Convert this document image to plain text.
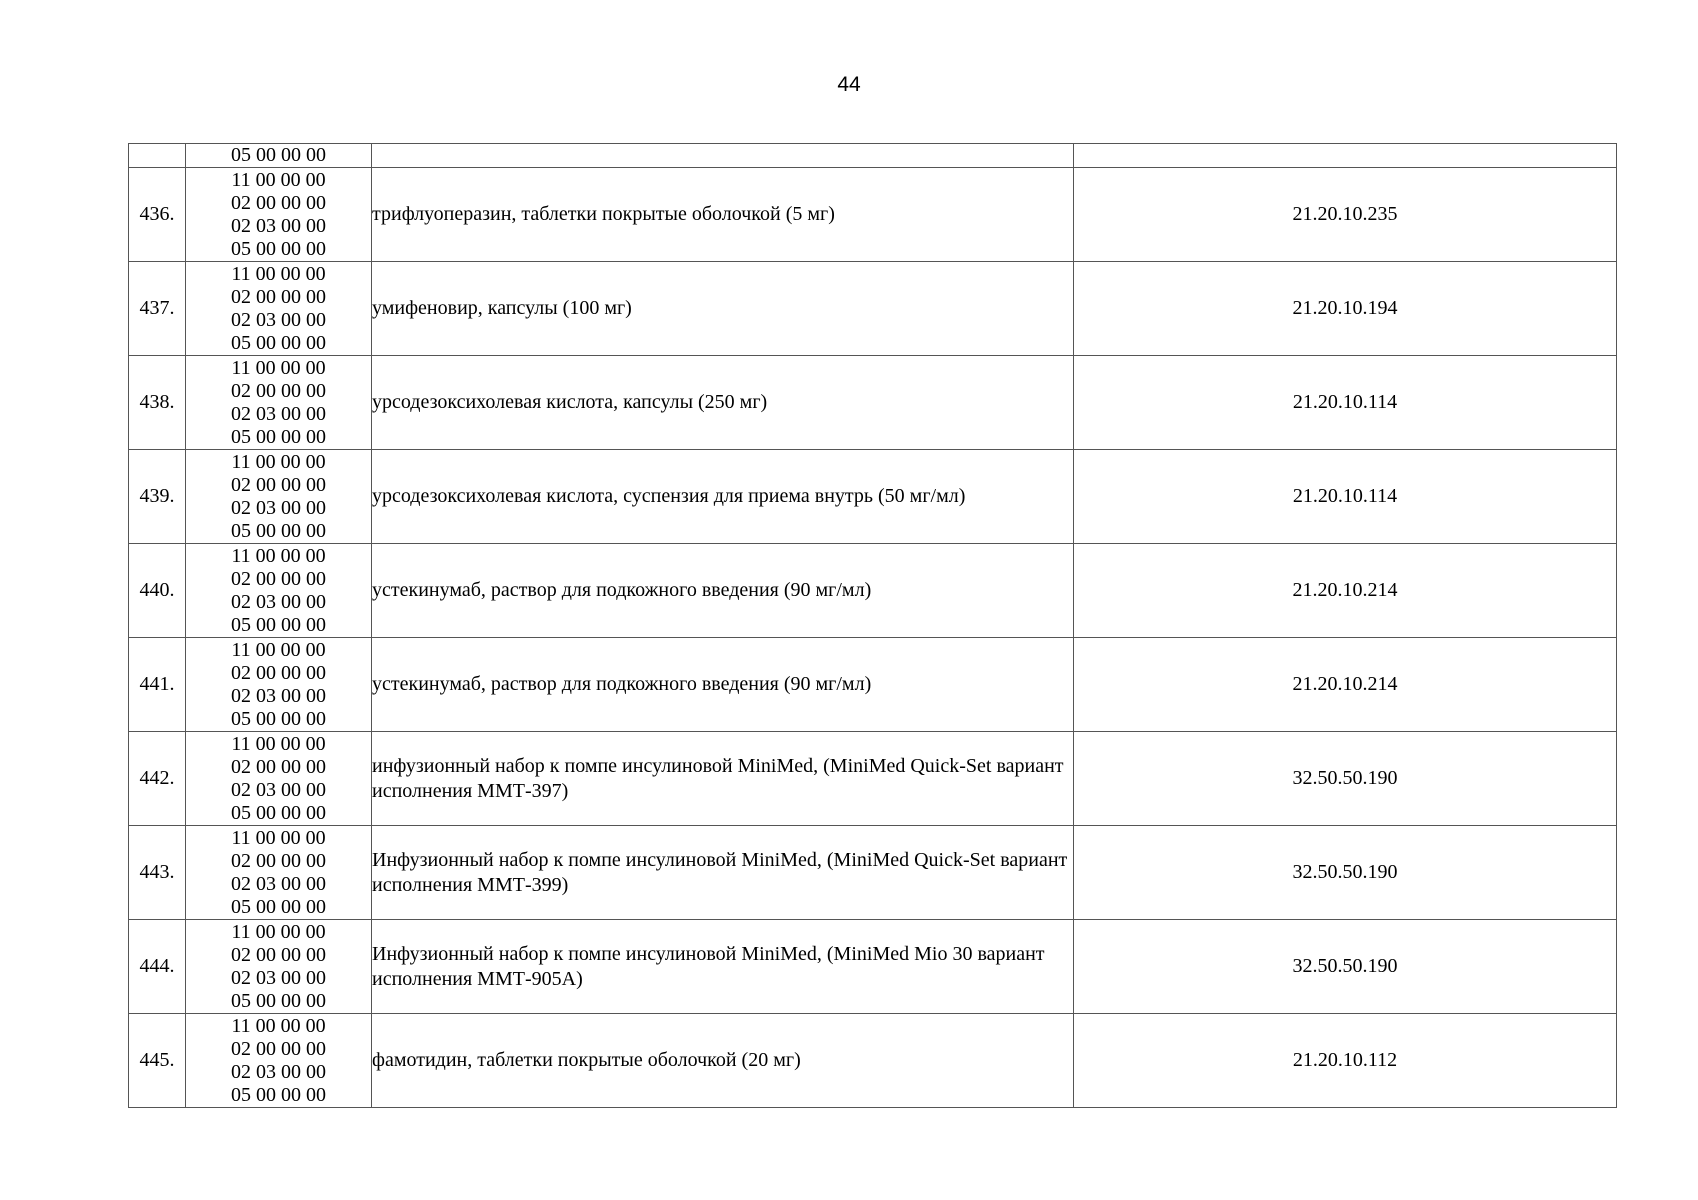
44

	05 00 00 00		

436.	11 00 00 00
02 00 00 00
02 03 00 00
05 00 00 00	трифлуоперазин, таблетки покрытые оболочкой (5 мг)	21.20.10.235
437.	11 00 00 00
02 00 00 00
02 03 00 00
05 00 00 00	умифеновир, капсулы (100 мг)	21.20.10.194
438.	11 00 00 00
02 00 00 00
02 03 00 00
05 00 00 00	урсодезоксихолевая кислота, капсулы (250 мг)	21.20.10.114
439.	11 00 00 00
02 00 00 00
02 03 00 00
05 00 00 00	урсодезоксихолевая кислота, суспензия для приема внутрь (50 мг/мл)	21.20.10.114
440.	11 00 00 00
02 00 00 00
02 03 00 00
05 00 00 00	устекинумаб, раствор для подкожного введения (90 мг/мл)	21.20.10.214
441.	11 00 00 00
02 00 00 00
02 03 00 00
05 00 00 00	устекинумаб, раствор для подкожного введения (90 мг/мл)	21.20.10.214
442.	11 00 00 00
02 00 00 00
02 03 00 00
05 00 00 00	инфузионный набор к помпе инсулиновой MiniMed, (MiniMed Quick-Set вариант исполнения ММТ-397)	32.50.50.190
443.	11 00 00 00
02 00 00 00
02 03 00 00
05 00 00 00	Инфузионный набор к помпе инсулиновой MiniMed, (MiniMed Quick-Set вариант исполнения ММТ-399)	32.50.50.190
444.	11 00 00 00
02 00 00 00
02 03 00 00
05 00 00 00	Инфузионный набор к помпе инсулиновой MiniMed, (MiniMed Mio 30 вариант исполнения ММТ-905А)	32.50.50.190
445.	11 00 00 00
02 00 00 00
02 03 00 00
05 00 00 00	фамотидин, таблетки покрытые оболочкой (20 мг)	21.20.10.112
